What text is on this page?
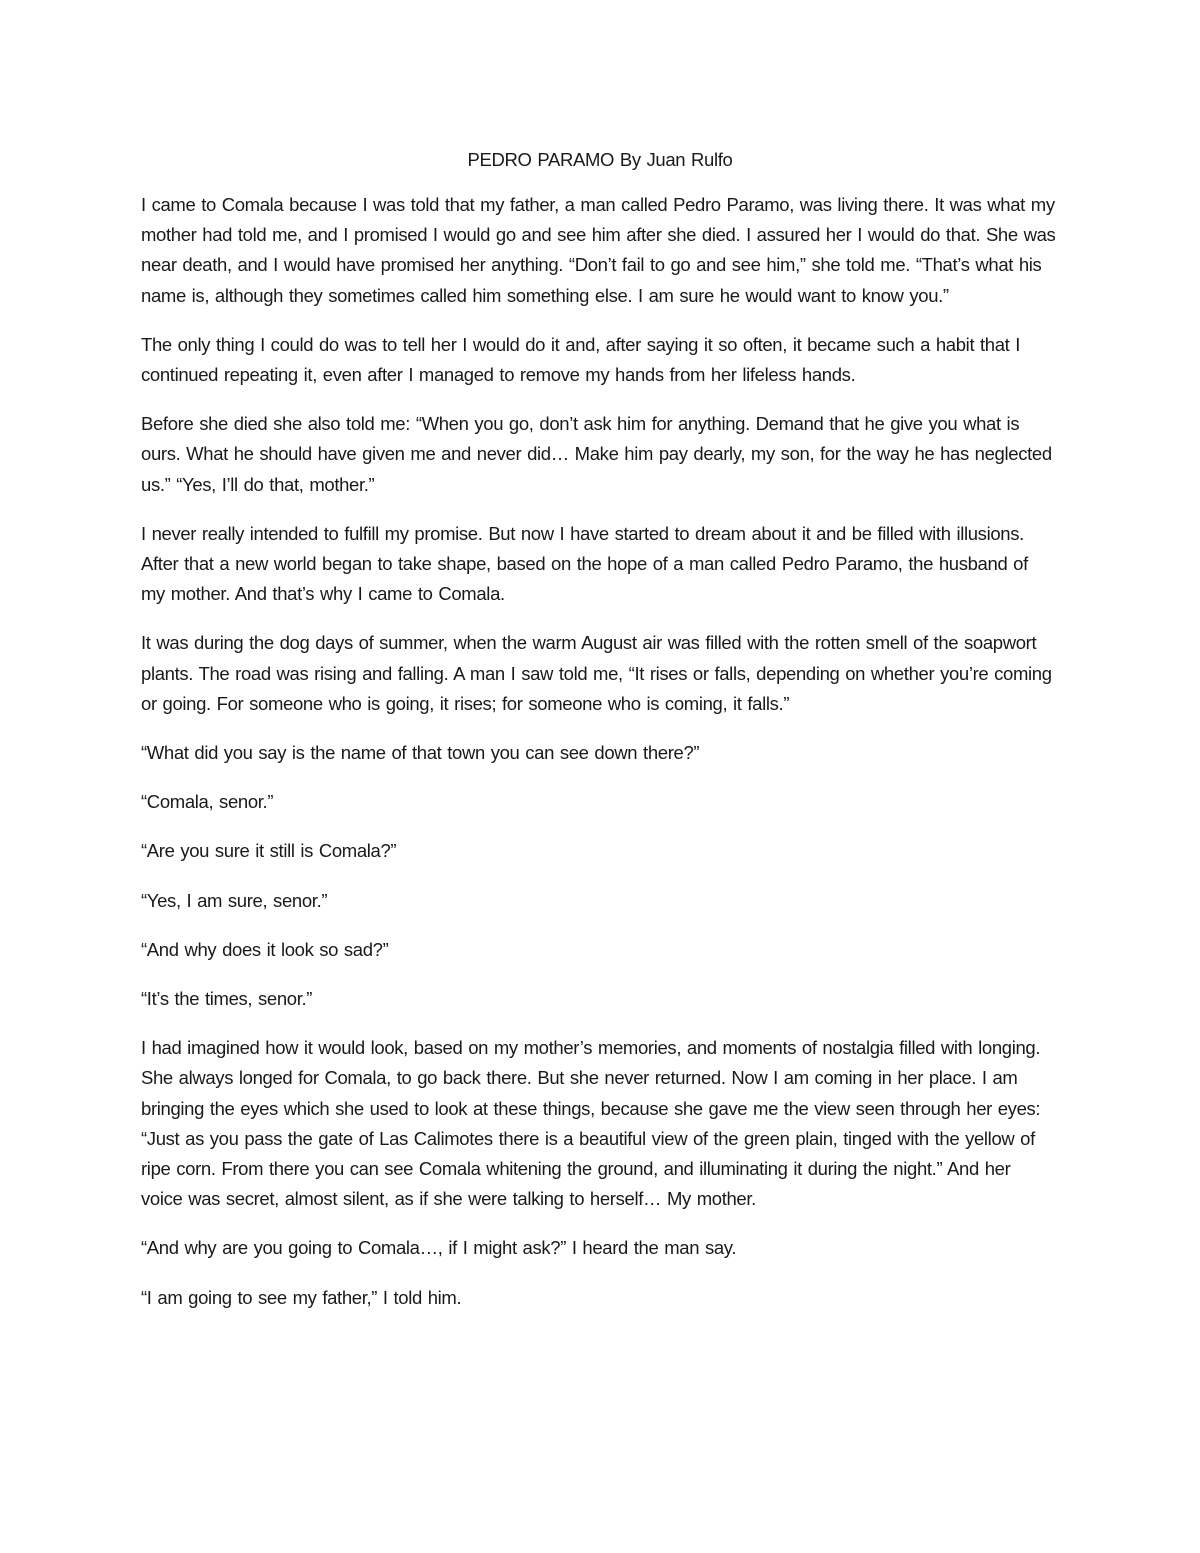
PEDRO PARAMO By Juan Rulfo

I came to Comala because I was told that my father, a man called Pedro Paramo, was living there. It was what my mother had told me, and I promised I would go and see him after she died. I assured her I would do that. She was near death, and I would have promised her anything. “Don’t fail to go and see him,” she told me. “That’s what his name is, although they sometimes called him something else. I am sure he would want to know you.”

The only thing I could do was to tell her I would do it and, after saying it so often, it became such a habit that I continued repeating it, even after I managed to remove my hands from her lifeless hands.

Before she died she also told me: “When you go, don’t ask him for anything. Demand that he give you what is ours. What he should have given me and never did… Make him pay dearly, my son, for the way he has neglected us.” “Yes, I’ll do that, mother.”

I never really intended to fulfill my promise. But now I have started to dream about it and be filled with illusions. After that a new world began to take shape, based on the hope of a man called Pedro Paramo, the husband of my mother. And that’s why I came to Comala.

It was during the dog days of summer, when the warm August air was filled with the rotten smell of the soapwort plants. The road was rising and falling. A man I saw told me, “It rises or falls, depending on whether you’re coming or going. For someone who is going, it rises; for someone who is coming, it falls.”

“What did you say is the name of that town you can see down there?”

“Comala, senor.”

“Are you sure it still is Comala?”

“Yes, I am sure, senor.”

“And why does it look so sad?”

“It’s the times, senor.”

I had imagined how it would look, based on my mother’s memories, and moments of nostalgia filled with longing. She always longed for Comala, to go back there. But she never returned. Now I am coming in her place. I am bringing the eyes which she used to look at these things, because she gave me the view seen through her eyes: “Just as you pass the gate of Las Calimotes there is a beautiful view of the green plain, tinged with the yellow of ripe corn. From there you can see Comala whitening the ground, and illuminating it during the night.” And her voice was secret, almost silent, as if she were talking to herself… My mother.

“And why are you going to Comala…, if I might ask?” I heard the man say.

“I am going to see my father,” I told him.
